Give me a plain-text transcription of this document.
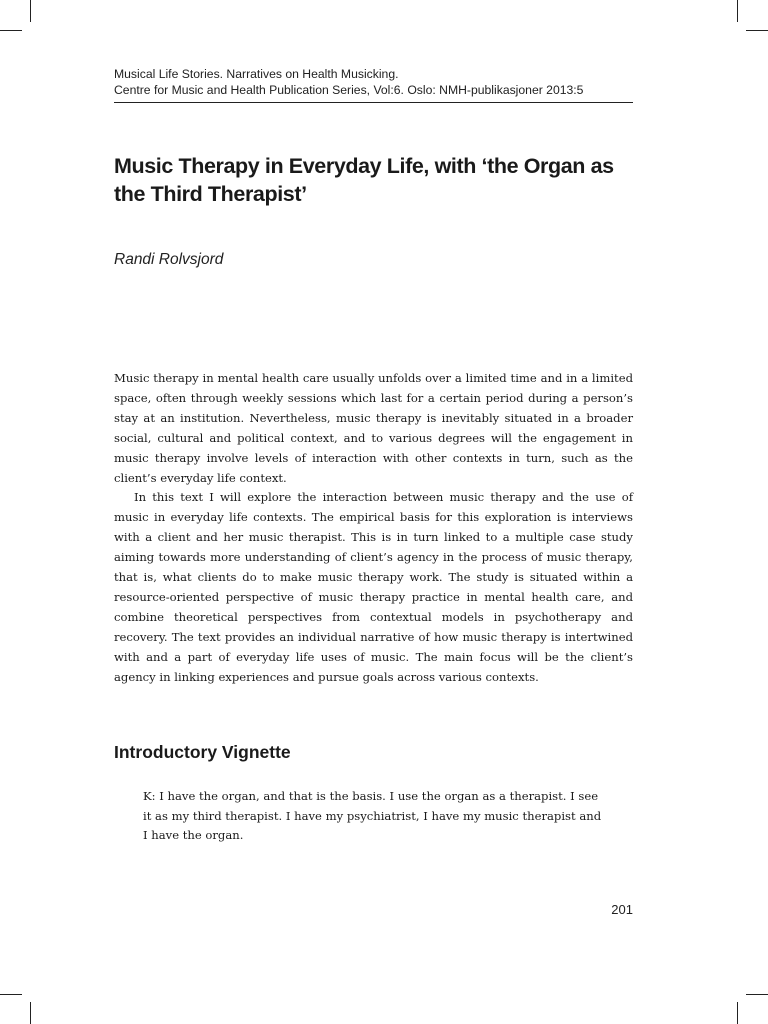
Musical Life Stories. Narratives on Health Musicking.
Centre for Music and Health Publication Series, Vol:6. Oslo: NMH-publikasjoner 2013:5
Music Therapy in Everyday Life, with ‘the Organ as the Third Therapist’
Randi Rolvsjord

Music therapy in mental health care usually unfolds over a limited time and in a limited space, often through weekly sessions which last for a certain period during a person’s stay at an institution. Nevertheless, music therapy is inevitably situated in a broader social, cultural and political context, and to various degrees will the engagement in music therapy involve levels of interaction with other contexts in turn, such as the client’s everyday life context.

In this text I will explore the interaction between music therapy and the use of music in everyday life contexts. The empirical basis for this exploration is interviews with a client and her music therapist. This is in turn linked to a multiple case study aiming towards more understanding of client’s agency in the process of music therapy, that is, what clients do to make music therapy work. The study is situated within a resource-oriented perspective of music therapy practice in mental health care, and combine theoretical perspectives from contextual models in psychotherapy and recovery. The text provides an individual narrative of how music therapy is intertwined with and a part of everyday life uses of music. The main focus will be the client’s agency in linking experiences and pursue goals across various contexts.

Introductory Vignette

K: I have the organ, and that is the basis. I use the organ as a therapist. I see it as my third therapist. I have my psychiatrist, I have my music therapist and I have the organ.

201
